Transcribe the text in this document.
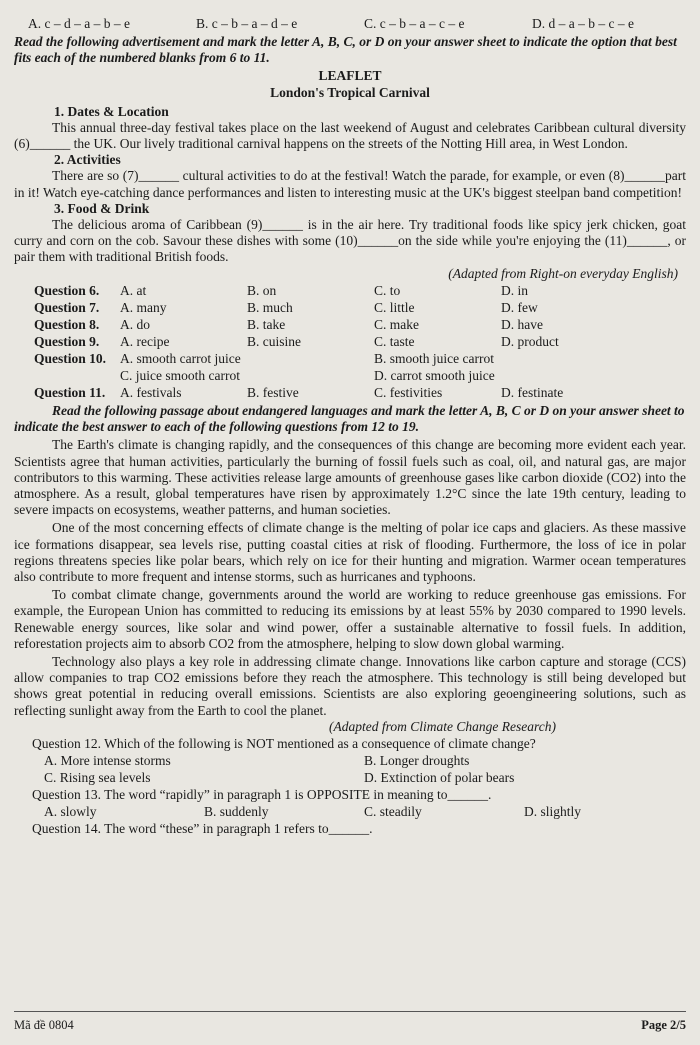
A. c – d – a – b – e	B. c – b – a – d – e	C. c – b – a – c – e	D. d – a – b – c – e
Read the following advertisement and mark the letter A, B, C, or D on your answer sheet to indicate the option that best fits each of the numbered blanks from 6 to 11.
LEAFLET
London's Tropical Carnival
1. Dates & Location
This annual three-day festival takes place on the last weekend of August and celebrates Caribbean cultural diversity (6)______ the UK. Our lively traditional carnival happens on the streets of the Notting Hill area, in West London.
2. Activities
There are so (7)______ cultural activities to do at the festival! Watch the parade, for example, or even (8)______part in it! Watch eye-catching dance performances and listen to interesting music at the UK's biggest steelpan band competition!
3. Food & Drink
The delicious aroma of Caribbean (9)______ is in the air here. Try traditional foods like spicy jerk chicken, goat curry and corn on the cob. Savour these dishes with some (10)______on the side while you're enjoying the (11)______, or pair them with traditional British foods.
(Adapted from Right-on everyday English)
Question 6.	A. at	B. on	C. to	D. in
Question 7.	A. many	B. much	C. little	D. few
Question 8.	A. do	B. take	C. make	D. have
Question 9.	A. recipe	B. cuisine	C. taste	D. product
Question 10.	A. smooth carrot juice	B. smooth juice carrot
C. juice smooth carrot	D. carrot smooth juice
Question 11.	A. festivals	B. festive	C. festivities	D. festinate
Read the following passage about endangered languages and mark the letter A, B, C or D on your answer sheet to indicate the best answer to each of the following questions from 12 to 19.
The Earth's climate is changing rapidly, and the consequences of this change are becoming more evident each year. Scientists agree that human activities, particularly the burning of fossil fuels such as coal, oil, and natural gas, are major contributors to this warming. These activities release large amounts of greenhouse gases like carbon dioxide (CO2) into the atmosphere. As a result, global temperatures have risen by approximately 1.2°C since the late 19th century, leading to severe impacts on ecosystems, weather patterns, and human societies.
One of the most concerning effects of climate change is the melting of polar ice caps and glaciers. As these massive ice formations disappear, sea levels rise, putting coastal cities at risk of flooding. Furthermore, the loss of ice in polar regions threatens species like polar bears, which rely on ice for their hunting and migration. Warmer ocean temperatures also contribute to more frequent and intense storms, such as hurricanes and typhoons.
To combat climate change, governments around the world are working to reduce greenhouse gas emissions. For example, the European Union has committed to reducing its emissions by at least 55% by 2030 compared to 1990 levels. Renewable energy sources, like solar and wind power, offer a sustainable alternative to fossil fuels. In addition, reforestation projects aim to absorb CO2 from the atmosphere, helping to slow down global warming.
Technology also plays a key role in addressing climate change. Innovations like carbon capture and storage (CCS) allow companies to trap CO2 emissions before they reach the atmosphere. This technology is still being developed but shows great potential in reducing overall emissions. Scientists are also exploring geoengineering solutions, such as reflecting sunlight away from the Earth to cool the planet.
(Adapted from Climate Change Research)
Question 12. Which of the following is NOT mentioned as a consequence of climate change?
A. More intense storms	B. Longer droughts
C. Rising sea levels	D. Extinction of polar bears
Question 13. The word “rapidly” in paragraph 1 is OPPOSITE in meaning to______.
A. slowly	B. suddenly	C. steadily	D. slightly
Question 14. The word “these” in paragraph 1 refers to______.
Mã đề 0804	Page 2/5
